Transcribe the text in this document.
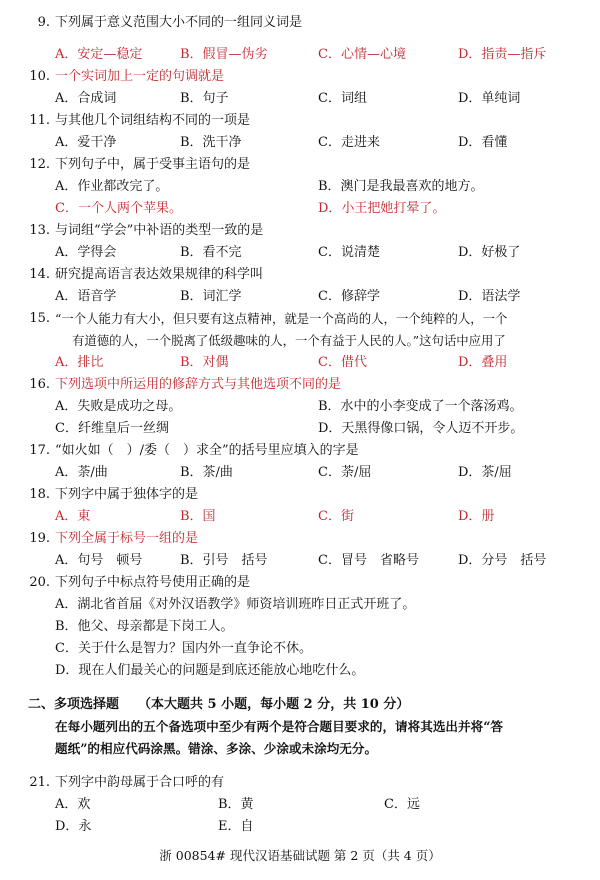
9. 下列属于意义范围大小不同的一组同义词是
A．安定—稳定	B．假冒—伪劣	C．心情—心境	D．指责—指斥
10. 一个实词加上一定的句调就是
A．合成词	B．句子	C．词组	D．单纯词
11. 与其他几个词组结构不同的一项是
A．爱干净	B．洗干净	C．走进来	D．看懂
12. 下列句子中，属于受事主语句的是
A．作业都改完了。	B．澳门是我最喜欢的地方。
C．一个人两个苹果。	D．小王把她打晕了。
13. 与词组“学会”中补语的类型一致的是
A．学得会	B．看不完	C．说清楚	D．好极了
14. 研究提高语言表达效果规律的科学叫
A．语音学	B．词汇学	C．修辞学	D．语法学
15. “一个人能力有大小，但只要有这点精神，就是一个高尚的人，一个纯粹的人，一个
有道德的人，一个脱离了低级趣味的人，一个有益于人民的人。”这句话中应用了
A．排比	B．对偶	C．借代	D．叠用
16. 下列选项中所运用的修辞方式与其他选项不同的是
A．失败是成功之母。	B．水中的小李变成了一个落汤鸡。
C．纤维皇后一丝绸	D．天黑得像口锅，令人迈不开步。
17. “如火如（　）/委（　）求全”的括号里应填入的字是
A．荼/曲	B．茶/曲	C．荼/屈	D．茶/屈
18. 下列字中属于独体字的是
A．東	B．国	C．街	D．册
19. 下列全属于标号一组的是
A．句号　顿号	B．引号　括号	C．冒号　省略号	D．分号　括号
20. 下列句子中标点符号使用正确的是
A．湖北省首届《对外汉语教学》师资培训班昨日正式开班了。
B．他父、母亲都是下岗工人。
C．关于什么是智力？国内外一直争论不休。
D．现在人们最关心的问题是到底还能放心地吃什么。
二、多项选择题 （本大题共 5 小题，每小题 2 分，共 10 分）
在每小题列出的五个备选项中至少有两个是符合题目要求的，请将其选出并将“答
题纸”的相应代码涂黑。错涂、多涂、少涂或未涂均无分。
21. 下列字中韵母属于合口呼的有
A．欢	B．黄	C．远
D．永	E．自
浙 00854# 现代汉语基础试题 第 2 页（共 4 页）
